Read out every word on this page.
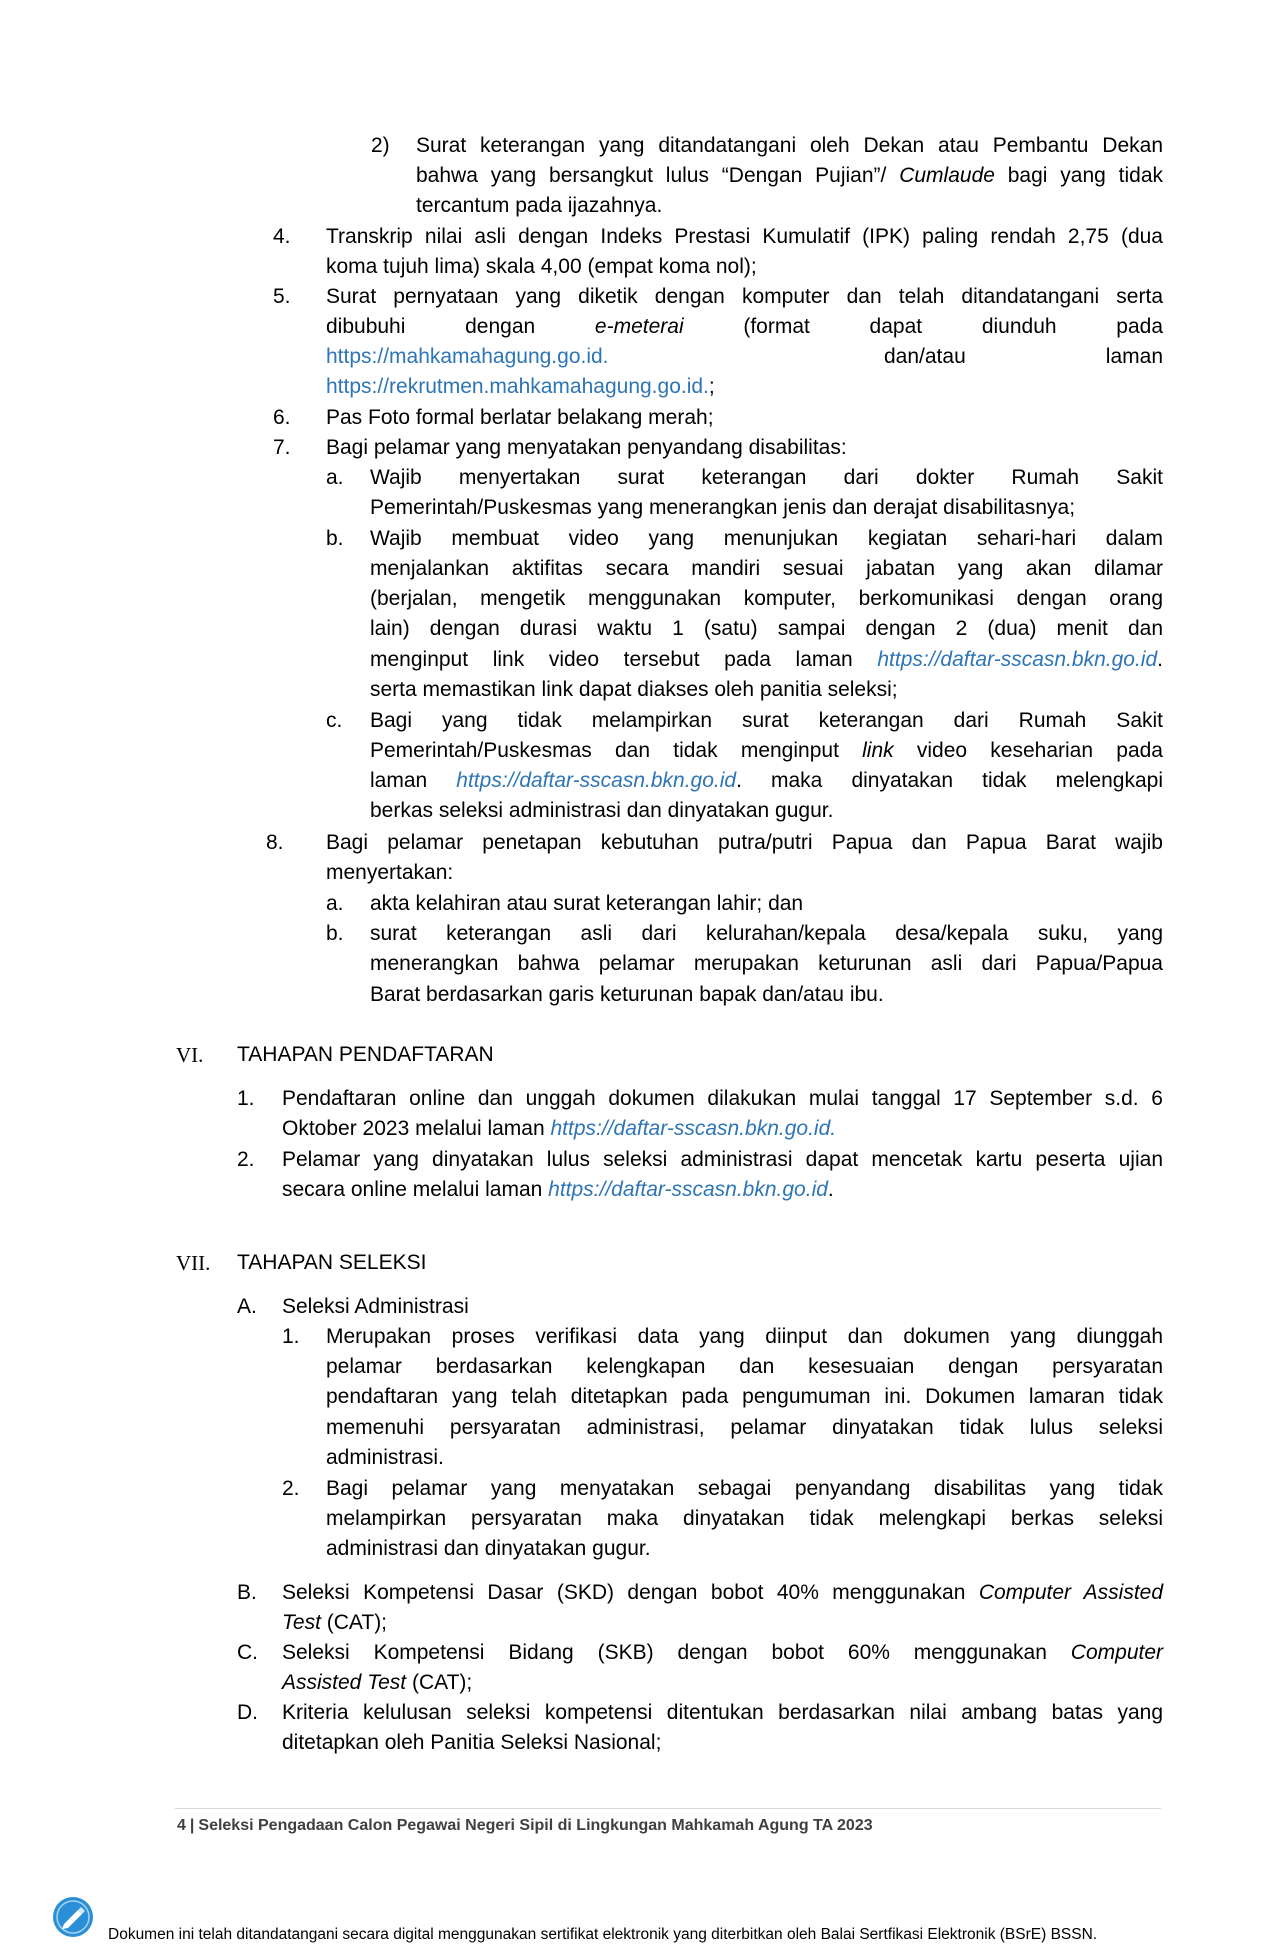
2) Surat keterangan yang ditandatangani oleh Dekan atau Pembantu Dekan
bahwa yang bersangkut lulus “Dengan Pujian”/ Cumlaude bagi yang tidak
tercantum pada ijazahnya.
4. Transkrip nilai asli dengan Indeks Prestasi Kumulatif (IPK) paling rendah 2,75 (dua
koma tujuh lima) skala 4,00 (empat koma nol);
5. Surat pernyataan yang diketik dengan komputer dan telah ditandatangani serta
dibubuhi dengan e-meterai (format dapat diunduh pada
https://mahkamahagung.go.id.	dan/atau laman
https://rekrutmen.mahkamahagung.go.id.;
6. Pas Foto formal berlatar belakang merah;
7. Bagi pelamar yang menyatakan penyandang disabilitas:
a. Wajib menyertakan surat keterangan dari dokter Rumah Sakit
Pemerintah/Puskesmas yang menerangkan jenis dan derajat disabilitasnya;
b. Wajib membuat video yang menunjukan kegiatan sehari-hari dalam
menjalankan aktifitas secara mandiri sesuai jabatan yang akan dilamar
(berjalan, mengetik menggunakan komputer, berkomunikasi dengan orang
lain) dengan durasi waktu 1 (satu) sampai dengan 2 (dua) menit dan
menginput link video tersebut pada laman https://daftar-sscasn.bkn.go.id.
serta memastikan link dapat diakses oleh panitia seleksi;
c. Bagi yang tidak melampirkan surat keterangan dari Rumah Sakit
Pemerintah/Puskesmas dan tidak menginput link video keseharian pada
laman https://daftar-sscasn.bkn.go.id. maka dinyatakan tidak melengkapi
berkas seleksi administrasi dan dinyatakan gugur.
8. Bagi pelamar penetapan kebutuhan putra/putri Papua dan Papua Barat wajib
menyertakan:
a. akta kelahiran atau surat keterangan lahir; dan
b. surat keterangan asli dari kelurahan/kepala desa/kepala suku, yang
menerangkan bahwa pelamar merupakan keturunan asli dari Papua/Papua
Barat berdasarkan garis keturunan bapak dan/atau ibu.
VI. TAHAPAN PENDAFTARAN
1. Pendaftaran online dan unggah dokumen dilakukan mulai tanggal 17 September s.d. 6
Oktober 2023 melalui laman https://daftar-sscasn.bkn.go.id.
2. Pelamar yang dinyatakan lulus seleksi administrasi dapat mencetak kartu peserta ujian
secara online melalui laman https://daftar-sscasn.bkn.go.id.
VII. TAHAPAN SELEKSI
A. Seleksi Administrasi
1. Merupakan proses verifikasi data yang diinput dan dokumen yang diunggah
pelamar berdasarkan kelengkapan dan kesesuaian dengan persyaratan
pendaftaran yang telah ditetapkan pada pengumuman ini. Dokumen lamaran tidak
memenuhi persyaratan administrasi, pelamar dinyatakan tidak lulus seleksi
administrasi.
2. Bagi pelamar yang menyatakan sebagai penyandang disabilitas yang tidak
melampirkan persyaratan maka dinyatakan tidak melengkapi berkas seleksi
administrasi dan dinyatakan gugur.
B. Seleksi Kompetensi Dasar (SKD) dengan bobot 40% menggunakan Computer Assisted
Test (CAT);
C. Seleksi Kompetensi Bidang (SKB) dengan bobot 60% menggunakan Computer
Assisted Test (CAT);
D. Kriteria kelulusan seleksi kompetensi ditentukan berdasarkan nilai ambang batas yang
ditetapkan oleh Panitia Seleksi Nasional;
4 | Seleksi Pengadaan Calon Pegawai Negeri Sipil di Lingkungan Mahkamah Agung TA 2023
Dokumen ini telah ditandatangani secara digital menggunakan sertifikat elektronik yang diterbitkan oleh Balai Sertfikasi Elektronik (BSrE) BSSN.
